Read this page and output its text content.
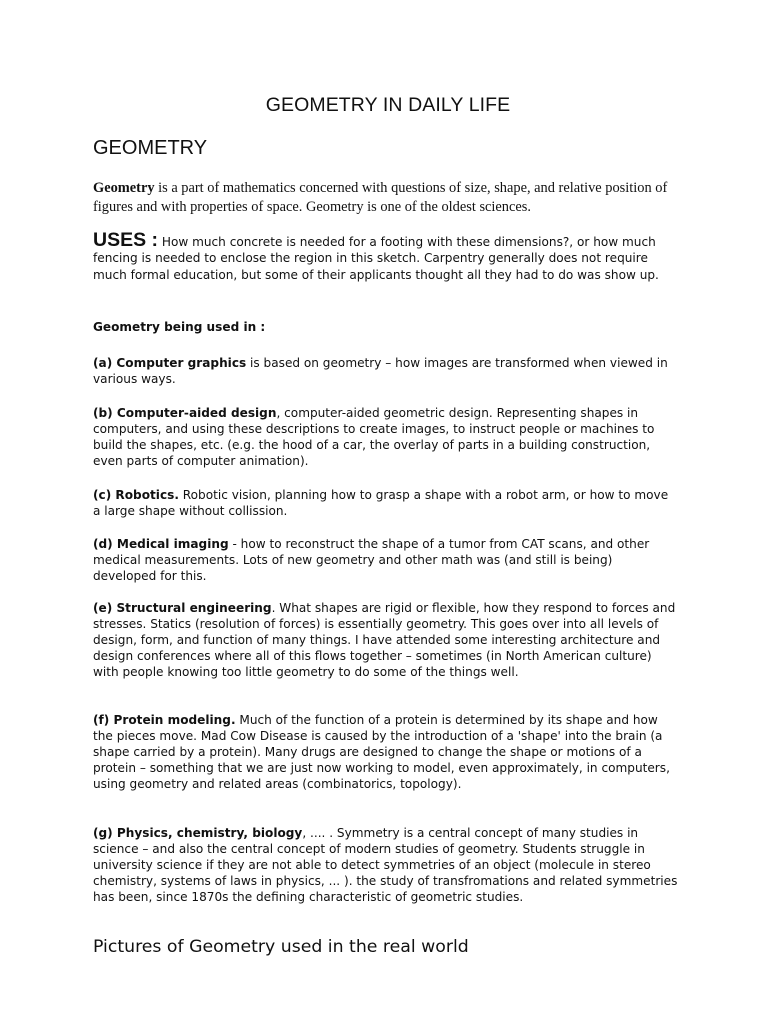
GEOMETRY IN DAILY LIFE
GEOMETRY

Geometry is a part of mathematics concerned with questions of size, shape, and relative position of figures and with properties of space. Geometry is one of the oldest sciences.

USES : How much concrete is needed for a footing with these dimensions?, or how much fencing is needed to enclose the region in this sketch. Carpentry generally does not require much formal education, but some of their applicants thought all they had to do was show up.

Geometry being used in :

(a) Computer graphics is based on geometry – how images are transformed when viewed in various ways.

(b) Computer-aided design, computer-aided geometric design. Representing shapes in computers, and using these descriptions to create images, to instruct people or machines to build the shapes, etc. (e.g. the hood of a car, the overlay of parts in a building construction, even parts of computer animation).

(c) Robotics. Robotic vision, planning how to grasp a shape with a robot arm, or how to move a large shape without collission.

(d) Medical imaging - how to reconstruct the shape of a tumor from CAT scans, and other medical measurements. Lots of new geometry and other math was (and still is being) developed for this.

(e) Structural engineering. What shapes are rigid or flexible, how they respond to forces and stresses. Statics (resolution of forces) is essentially geometry. This goes over into all levels of design, form, and function of many things. I have attended some interesting architecture and design conferences where all of this flows together – sometimes (in North American culture) with people knowing too little geometry to do some of the things well.

(f) Protein modeling. Much of the function of a protein is determined by its shape and how the pieces move. Mad Cow Disease is caused by the introduction of a 'shape' into the brain (a shape carried by a protein). Many drugs are designed to change the shape or motions of a protein – something that we are just now working to model, even approximately, in computers, using geometry and related areas (combinatorics, topology).

(g) Physics, chemistry, biology, .... . Symmetry is a central concept of many studies in science – and also the central concept of modern studies of geometry. Students struggle in university science if they are not able to detect symmetries of an object (molecule in stereo chemistry, systems of laws in physics, ... ). the study of transfromations and related symmetries has been, since 1870s the defining characteristic of geometric studies.

Pictures of Geometry used in the real world
